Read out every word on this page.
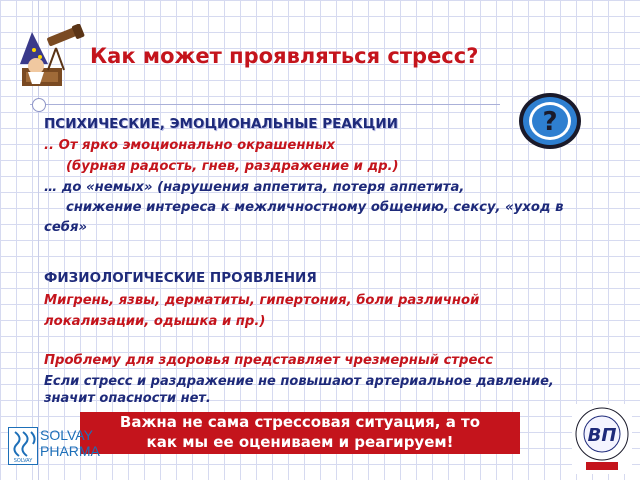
Как может проявляться стресс?
?
ПСИХИЧЕСКИЕ, ЭМОЦИОНАЛЬНЫЕ РЕАКЦИИ
.. От ярко эмоционально окрашенных
(бурная радость, гнев, раздражение и др.)
… до «немых» (нарушения аппетита, потеря аппетита,
снижение интереса к межличностному общению, сексу, «уход в
себя»
ФИЗИОЛОГИЧЕСКИЕ ПРОЯВЛЕНИЯ
Мигрень, язвы, дерматиты, гипертония, боли различной
локализации, одышка и пр.)
Проблему для здоровья представляет чрезмерный стресс
Если стресс и раздражение не повышают артериальное давление,
значит опасности нет.
Важна не сама стрессовая ситуация, а то
как мы ее оцениваем и реагируем!
SOLVAY
SOLVAY
PHARMA
ВП
